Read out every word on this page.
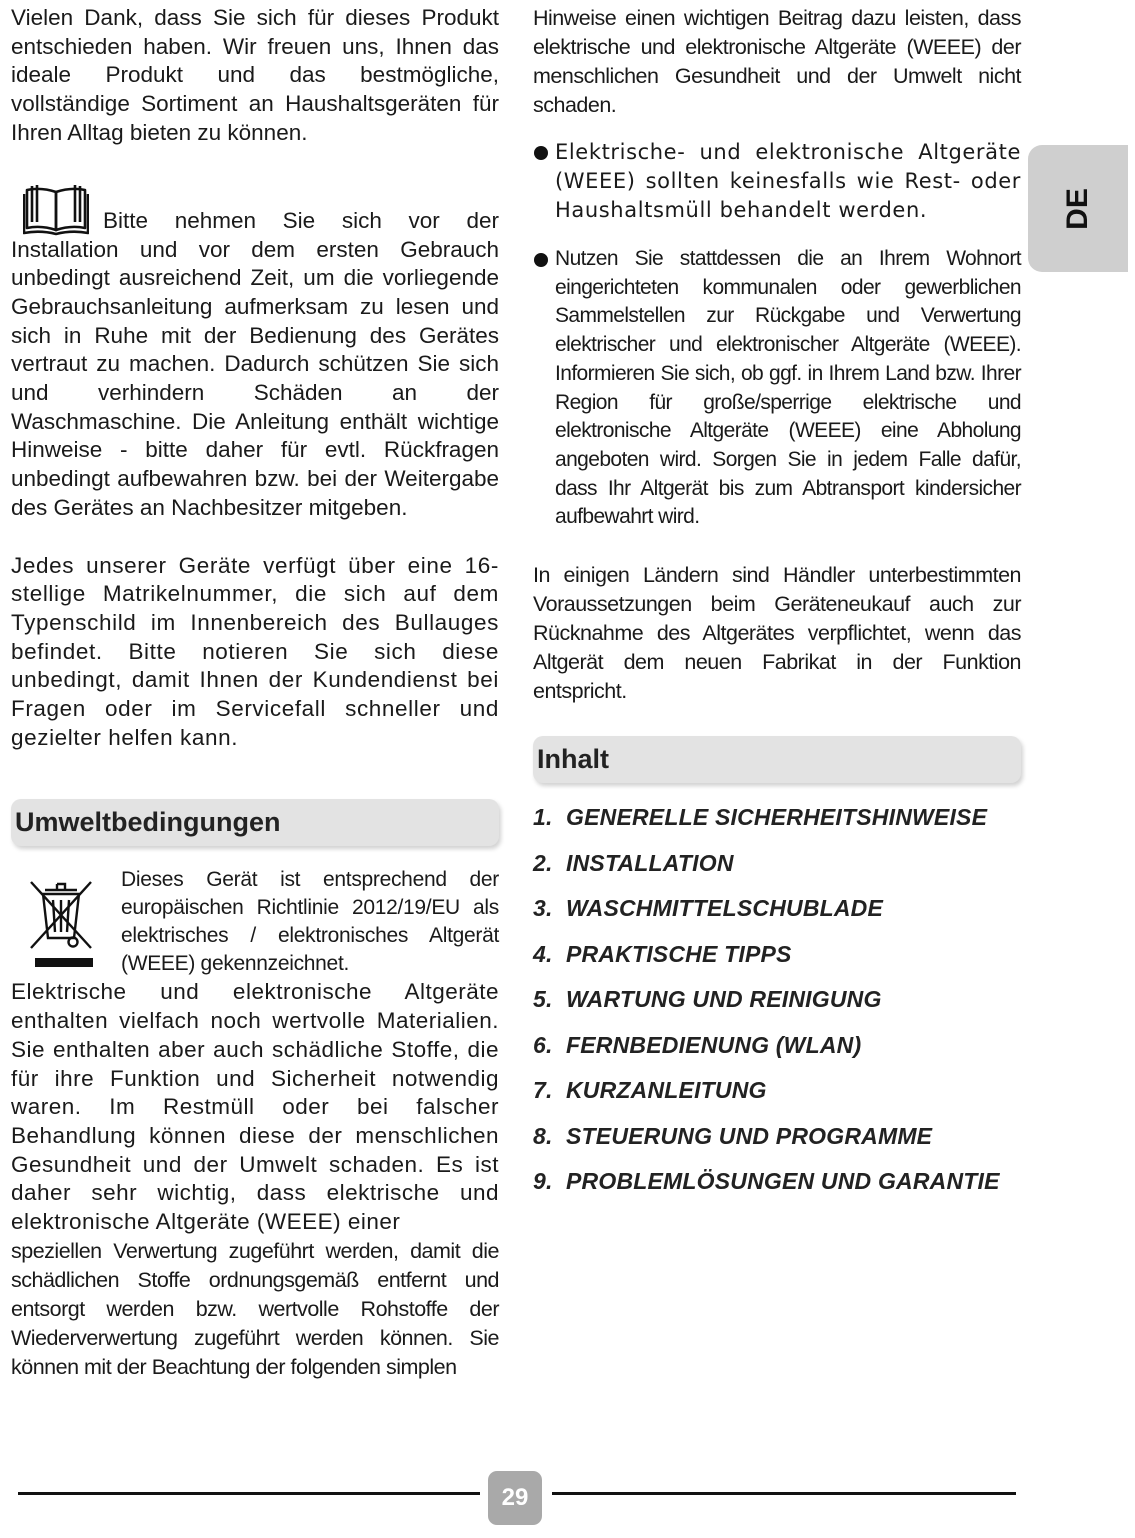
Vielen Dank, dass Sie sich für dieses Produkt entschieden haben. Wir freuen uns, Ihnen das ideale Produkt und das bestmögliche, vollständige Sortiment an Haushaltsgeräten für Ihren Alltag bieten zu können.

Bitte nehmen Sie sich vor der

Installation und vor dem ersten Gebrauch unbedingt ausreichend Zeit, um die vorliegende Gebrauchsanleitung aufmerksam zu lesen und sich in Ruhe mit der Bedienung des Gerätes vertraut zu machen. Dadurch schützen Sie sich und verhindern Schäden an der Waschmaschine. Die Anleitung enthält wichtige Hinweise - bitte daher für evtl. Rückfragen unbedingt aufbewahren bzw. bei der Weitergabe des Gerätes an Nachbesitzer mitgeben.

Jedes unserer Geräte verfügt über eine 16-stellige Matrikelnummer, die sich auf dem Typenschild im Innenbereich des Bullauges befindet. Bitte notieren Sie sich diese unbedingt, damit Ihnen der Kundendienst bei Fragen oder im Servicefall schneller und gezielter helfen kann.

Umweltbedingungen
Dieses Gerät ist entsprechend der europäischen Richtlinie 2012/19/EU als elektrisches / elektronisches Altgerät (WEEE) gekennzeichnet.

Elektrische und elektronische Altgeräte enthalten vielfach noch wertvolle Materialien. Sie enthalten aber auch schädliche Stoffe, die für ihre Funktion und Sicherheit notwendig waren. Im Restmüll oder bei falscher Behandlung können diese der menschlichen Gesundheit und der Umwelt schaden. Es ist daher sehr wichtig, dass elektrische und elektronische Altgeräte (WEEE) einer

speziellen Verwertung zugeführt werden, damit die schädlichen Stoffe ordnungsgemäß entfernt und entsorgt werden bzw. wertvolle Rohstoffe der Wiederverwertung zugeführt werden können. Sie können mit der Beachtung der folgenden simplen

Hinweise einen wichtigen Beitrag dazu leisten, dass elektrische und elektronische Altgeräte (WEEE) der menschlichen Gesundheit und der Umwelt nicht schaden.

Elektrische- und elektronische Altgeräte (WEEE) sollten keinesfalls wie Rest- oder Haushaltsmüll behandelt werden.
Nutzen Sie stattdessen die an Ihrem Wohnort eingerichteten kommunalen oder gewerblichen Sammelstellen zur Rückgabe und Verwertung elektrischer und elektronischer Altgeräte (WEEE). Informieren Sie sich, ob ggf. in Ihrem Land bzw. Ihrer Region für große/sperrige elektrische und elektronische Altgeräte (WEEE) eine Abholung angeboten wird. Sorgen Sie in jedem Falle dafür, dass Ihr Altgerät bis zum Abtransport kindersicher aufbewahrt wird.

In einigen Ländern sind Händler unterbestimmten Voraussetzungen beim Geräteneukauf auch zur Rücknahme des Altgerätes verpflichtet, wenn das Altgerät dem neuen Fabrikat in der Funktion entspricht.

Inhalt
1. GENERELLE SICHERHEITSHINWEISE
2. INSTALLATION
3. WASCHMITTELSCHUBLADE
4. PRAKTISCHE TIPPS
5. WARTUNG UND REINIGUNG
6. FERNBEDIENUNG (WLAN)
7. KURZANLEITUNG
8. STEUERUNG UND PROGRAMME
9. PROBLEMLÖSUNGEN UND GARANTIE
DE
29
